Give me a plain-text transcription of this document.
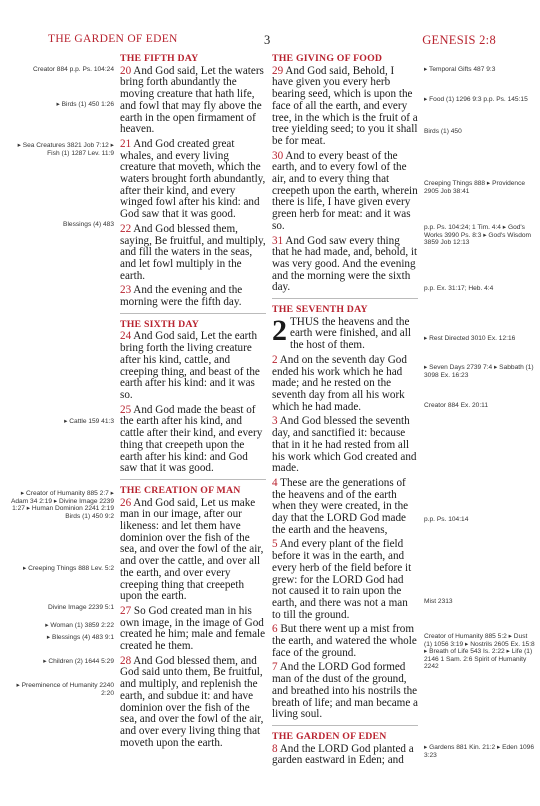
THE GARDEN OF EDEN	3	GENESIS 2:8
THE FIFTH DAY

20 And God said, Let the waters bring forth abundantly the moving creature that hath life, and fowl that may fly above the earth in the open firmament of heaven.

21 And God created great whales, and every living creature that moveth, which the waters brought forth abundantly, after their kind, and every winged fowl after his kind: and God saw that it was good.

22 And God blessed them, saying, Be fruitful, and multiply, and fill the waters in the seas, and let fowl multiply in the earth.

23 And the evening and the morning were the fifth day.

THE SIXTH DAY

24 And God said, Let the earth bring forth the living creature after his kind, cattle, and creeping thing, and beast of the earth after his kind: and it was so.

25 And God made the beast of the earth after his kind, and cattle after their kind, and every thing that creepeth upon the earth after his kind: and God saw that it was good.

THE CREATION OF MAN

26 And God said, Let us make man in our image, after our likeness: and let them have dominion over the fish of the sea, and over the fowl of the air, and over the cattle, and over all the earth, and over every creeping thing that creepeth upon the earth.

27 So God created man in his own image, in the image of God created he him; male and female created he them.

28 And God blessed them, and God said unto them, Be fruitful, and multiply, and replenish the earth, and subdue it: and have dominion over the fish of the sea, and over the fowl of the air, and over every living thing that moveth upon the earth.

THE GIVING OF FOOD

29 And God said, Behold, I have given you every herb bearing seed, which is upon the face of all the earth, and every tree, in the which is the fruit of a tree yielding seed; to you it shall be for meat.

30 And to every beast of the earth, and to every fowl of the air, and to every thing that creepeth upon the earth, wherein there is life, I have given every green herb for meat: and it was so.

31 And God saw every thing that he had made, and, behold, it was very good. And the evening and the morning were the sixth day.

THE SEVENTH DAY

2 THUS the heavens and the earth were finished, and all the host of them.

2 And on the seventh day God ended his work which he had made; and he rested on the seventh day from all his work which he had made.

3 And God blessed the seventh day, and sanctified it: because that in it he had rested from all his work which God created and made.

4 These are the generations of the heavens and of the earth when they were created, in the day that the LORD God made the earth and the heavens,

5 And every plant of the field before it was in the earth, and every herb of the field before it grew: for the LORD God had not caused it to rain upon the earth, and there was not a man to till the ground.

6 But there went up a mist from the earth, and watered the whole face of the ground.

7 And the LORD God formed man of the dust of the ground, and breathed into his nostrils the breath of life; and man became a living soul.

THE GARDEN OF EDEN

8 And the LORD God planted a garden eastward in Eden; and

Creator 884 p.p. Ps. 104:24
▸ Birds (1) 450 1:26
▸ Sea Creatures 3821 Job 7:12 ▸ Fish (1) 1287 Lev. 11:9
Blessings (4) 483
▸ Cattle 159 41:3
▸ Creator of Humanity 885 2:7 ▸ Adam 34 2:19 ▸ Divine Image 2239 1:27 ▸ Human Dominion 2241 2:19 Birds (1) 450 9:2
▸ Creeping Things 888 Lev. 5:2
Divine Image 2239 5:1
▸ Woman (1) 3859 2:22
▸ Blessings (4) 483 9:1
▸ Children (2) 1644 5:29
▸ Preeminence of Humanity 2240 2:20
▸ Temporal Gifts 487 9:3
▸ Food (1) 1296 9:3 p.p. Ps. 145:15
Birds (1) 450
Creeping Things 888 ▸ Providence 2905 Job 38:41
p.p. Ps. 104:24; 1 Tim. 4:4 ▸ God's Works 3990 Ps. 8:3 ▸ God's Wisdom 3859 Job 12:13
p.p. Ex. 31:17; Heb. 4:4
▸ Rest Directed 3010 Ex. 12:16
▸ Seven Days 2739 7:4 ▸ Sabbath (1) 3098 Ex. 16:23
Creator 884 Ex. 20:11
p.p. Ps. 104:14
Mist 2313
Creator of Humanity 885 5:2 ▸ Dust (1) 1056 3:19 ▸ Nostrils 2605 Ex. 15:8 ▸ Breath of Life 543 Is. 2:22 ▸ Life (1) 2146 1 Sam. 2:6 Spirit of Humanity 2242
▸ Gardens 881 Kin. 21:2 ▸ Eden 1096 3:23
